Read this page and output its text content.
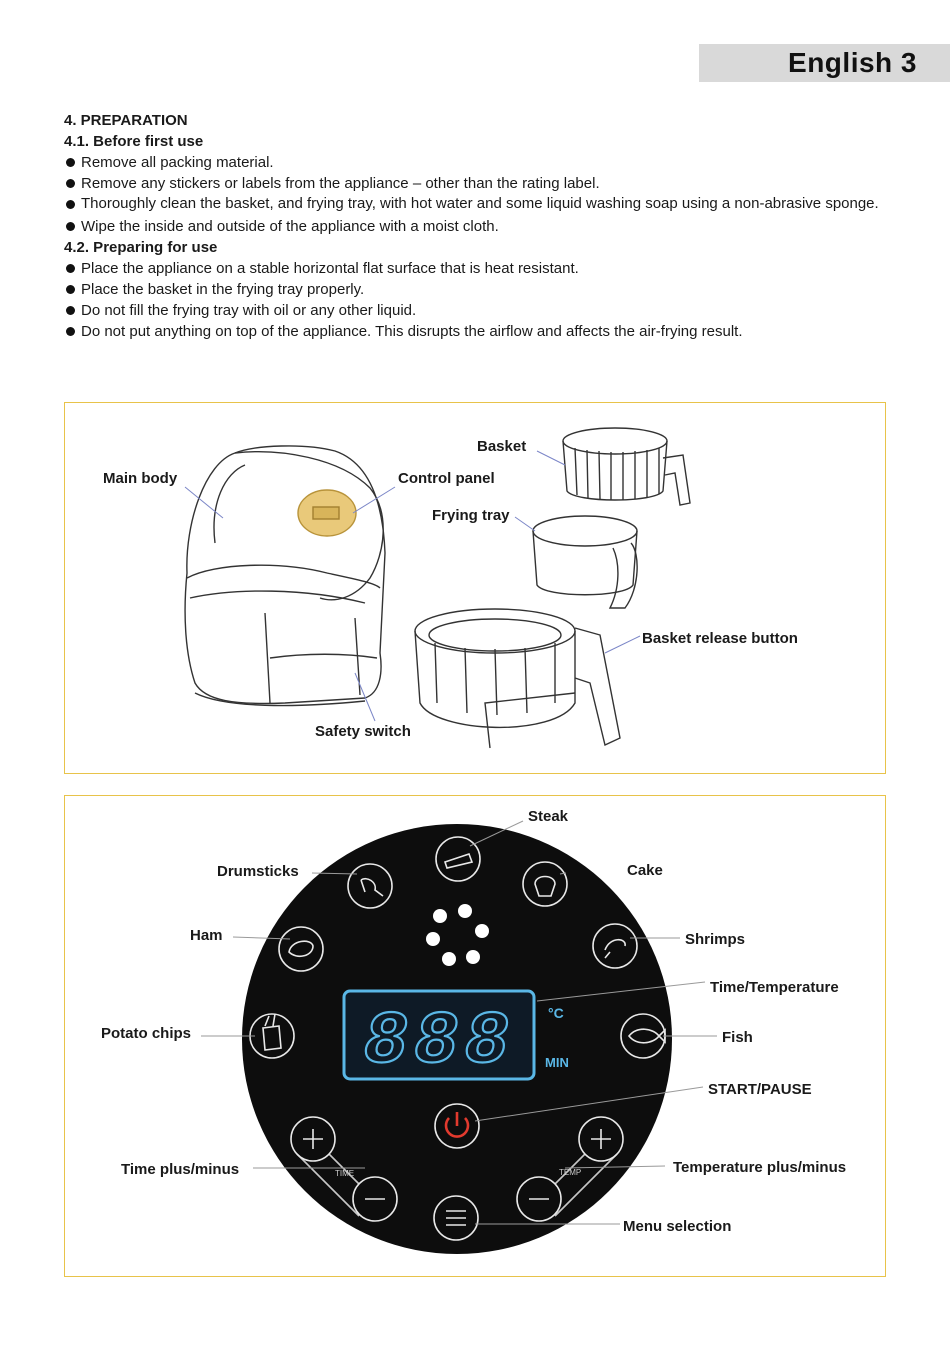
English 3

4. PREPARATION

4.1. Before first use

Remove all packing material.

Remove any stickers or labels from the appliance – other than the rating label.

Thoroughly clean the basket, and frying tray, with hot water and some liquid washing soap using a non-abrasive sponge.

Wipe the inside and outside of the appliance with a moist cloth.

4.2. Preparing for use

Place the appliance on a stable horizontal flat surface that is heat resistant.

Place the basket in the frying tray properly.

Do not fill the frying tray with oil or any other liquid.

Do not put anything on top of the appliance. This disrupts the airflow and affects the air-frying result.

Main body	Control panel
Basket
Frying tray
Basket release button
Safety switch
888 °C
MIN
TIME	TEMP
Steak
Drumsticks	Cake
Ham	Shrimps
Time/Temperature
Potato chips	Fish
START/PAUSE
Time plus/minus	Temperature plus/minus
Menu selection
